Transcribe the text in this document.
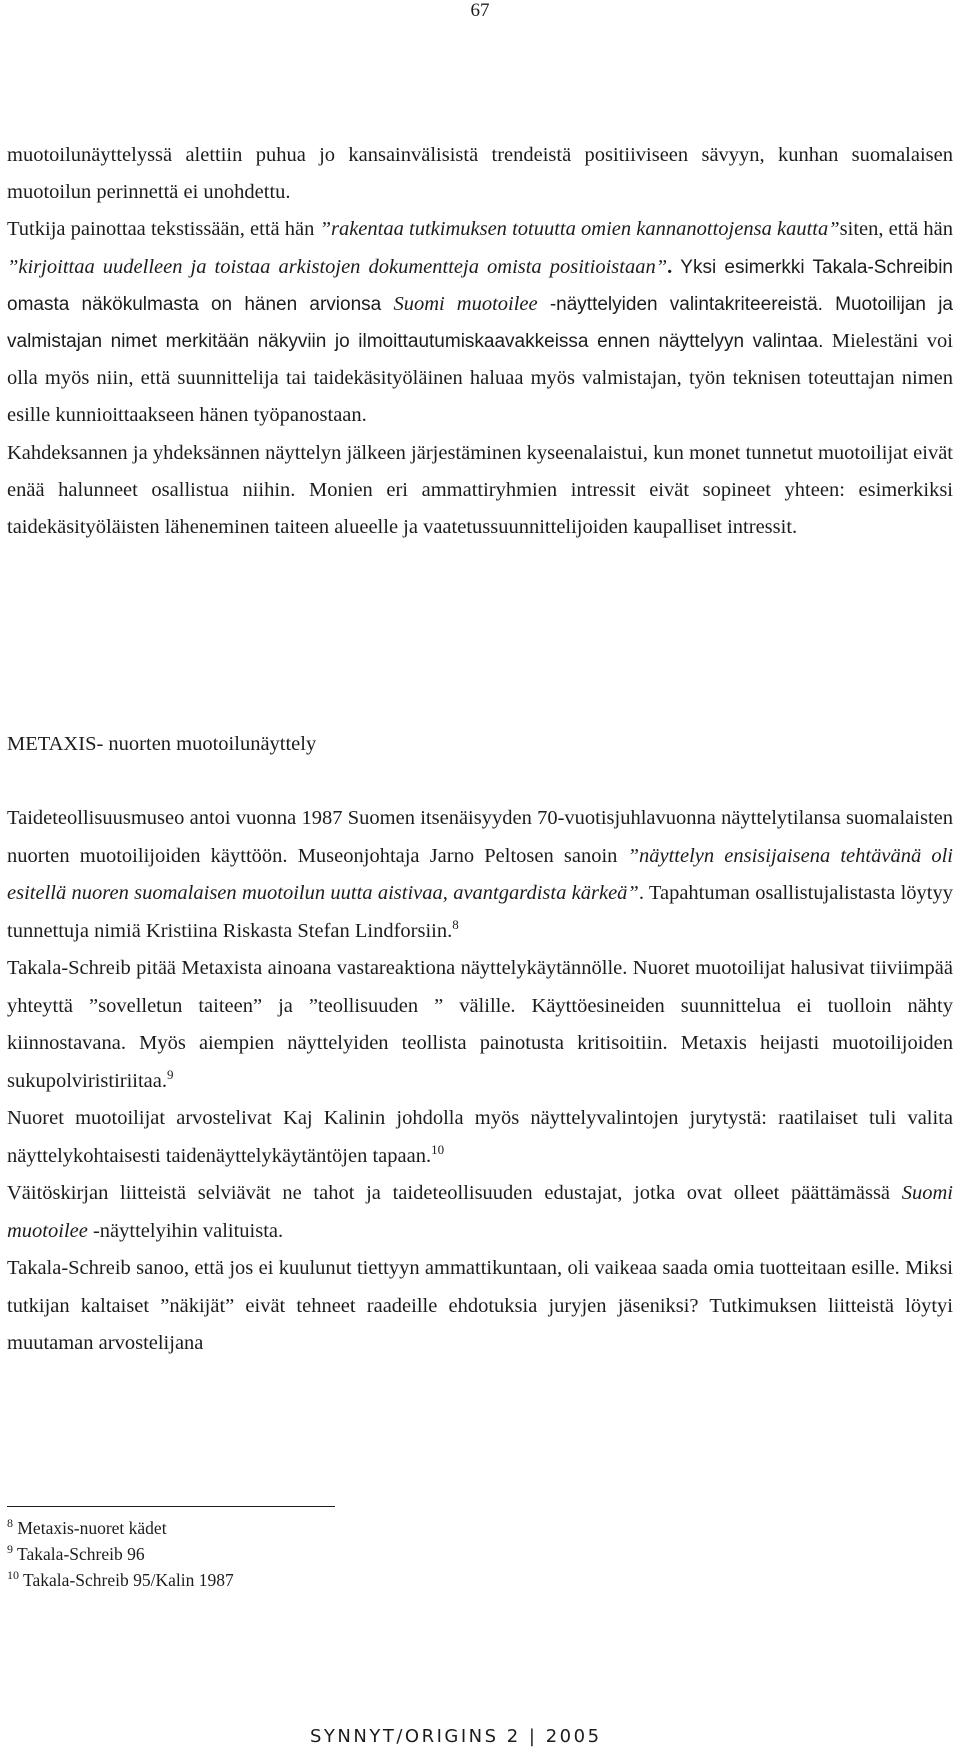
67

muotoilunäyttelyssä alettiin puhua jo kansainvälisistä trendeistä positiiviseen sävyyn, kunhan suomalaisen muotoilun perinnettä ei unohdettu.

Tutkija painottaa tekstissään, että hän ”rakentaa tutkimuksen totuutta omien kannanottojensa kautta”siten, että hän ”kirjoittaa uudelleen ja toistaa arkistojen dokumentteja omista positioistaan”. Yksi esimerkki Takala-Schreibin omasta näkökulmasta on hänen arvionsa Suomi muotoilee -näyttelyiden valintakriteereistä. Muotoilijan ja valmistajan nimet merkitään näkyviin jo ilmoittautumiskaavakkeissa ennen näyttelyyn valintaa. Mielestäni voi olla myös niin, että suunnittelija tai taidekäsityöläinen haluaa myös valmistajan, työn teknisen toteuttajan nimen esille kunnioittaakseen hänen työpanostaan.

Kahdeksannen ja yhdeksännen näyttelyn jälkeen järjestäminen kyseenalaistui, kun monet tunnetut muotoilijat eivät enää halunneet osallistua niihin. Monien eri ammattiryhmien intressit eivät sopineet yhteen: esimerkiksi taidekäsityöläisten läheneminen taiteen alueelle ja vaatetussuunnittelijoiden kaupalliset intressit.

METAXIS- nuorten muotoilunäyttely

Taideteollisuusmuseo antoi vuonna 1987 Suomen itsenäisyyden 70-vuotisjuhlavuonna näyttelytilansa suomalaisten nuorten muotoilijoiden käyttöön. Museonjohtaja Jarno Peltosen sanoin ”näyttelyn ensisijaisena tehtävänä oli esitellä nuoren suomalaisen muotoilun uutta aistivaa, avantgardista kärkeä”. Tapahtuman osallistujalistasta löytyy tunnettuja nimiä Kristiina Riskasta Stefan Lindforsiin.$^8$

Takala-Schreib pitää Metaxista ainoana vastareaktiona näyttelykäytännölle. Nuoret muotoilijat halusivat tiiviimpää yhteyttä ”sovelletun taiteen” ja ”teollisuuden ” välille. Käyttöesineiden suunnittelua ei tuolloin nähty kiinnostavana. Myös aiempien näyttelyiden teollista painotusta kritisoitiin. Metaxis heijasti muotoilijoiden sukupolviristiriitaa.$^9$

Nuoret muotoilijat arvostelivat Kaj Kalinin johdolla myös näyttelyvalintojen jurytystä: raatilaiset tuli valita näyttelykohtaisesti taidenäyttelykäytäntöjen tapaan.$^{10}$

Väitöskirjan liitteistä selviävät ne tahot ja taideteollisuuden edustajat, jotka ovat olleet päättämässä Suomi muotoilee -näyttelyihin valituista.

Takala-Schreib sanoo, että jos ei kuulunut tiettyyn ammattikuntaan, oli vaikeaa saada omia tuotteitaan esille. Miksi tutkijan kaltaiset ”näkijät” eivät tehneet raadeille ehdotuksia juryjen jäseniksi? Tutkimuksen liitteistä löytyi muutaman arvostelijana

$^8$ Metaxis-nuoret kädet
$^9$ Takala-Schreib 96
$^{10}$ Takala-Schreib 95/Kalin 1987
SYNNYT/ORIGINS 2 | 2005
